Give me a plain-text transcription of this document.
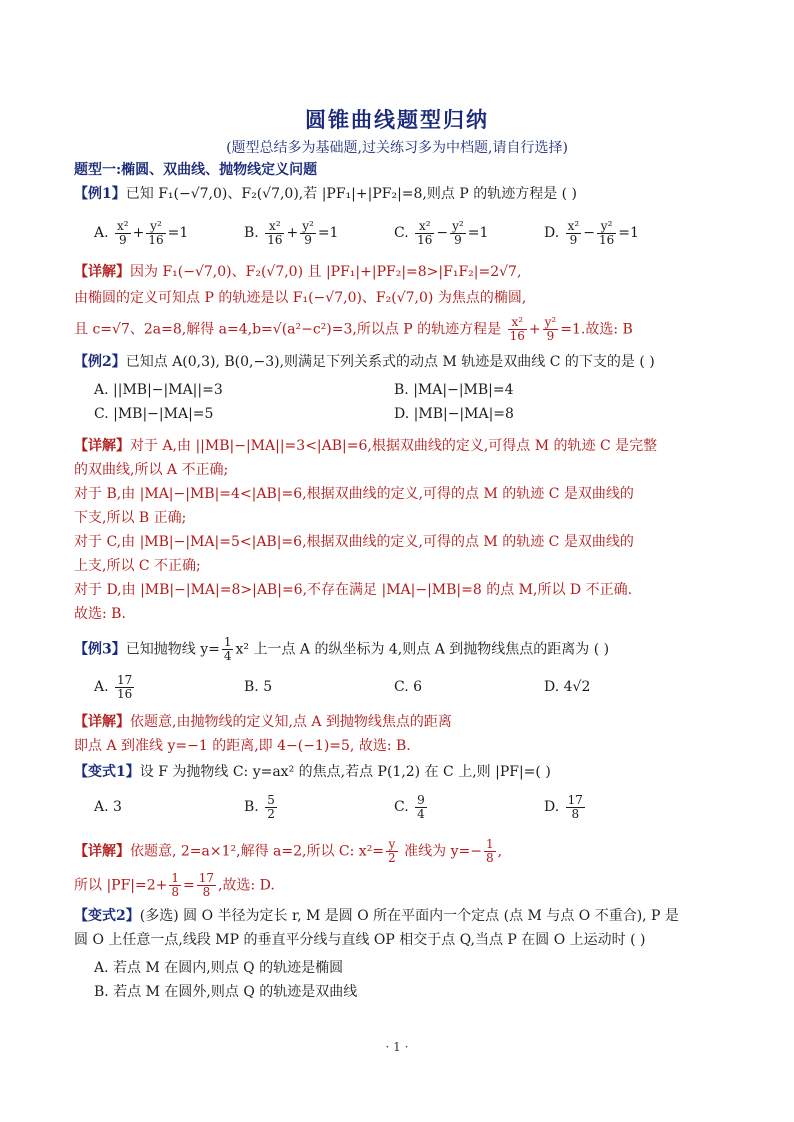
圆锥曲线题型归纳
(题型总结多为基础题,过关练习多为中档题,请自行选择)
题型一:椭圆、双曲线、抛物线定义问题
【例1】已知 F₁(−√7,0)、F₂(√7,0),若 |PF₁|+|PF₂|=8,则点 P 的轨迹方程是 ( )
A. $\frac{\text{x²}}{9} + \frac{\text{y²}}{16} =1$	B. $\frac{\text{x²}}{16} + \frac{\text{y²}}{9} =1$	C. $\frac{\text{x²}}{16} - \frac{\text{y²}}{9} =1$	D. $\frac{\text{x²}}{9} - \frac{\text{y²}}{16} =1$
【详解】因为 F₁(−√7,0)、F₂(√7,0) 且 |PF₁|+|PF₂|=8>|F₁F₂|=2√7,
由椭圆的定义可知点 P 的轨迹是以 F₁(−√7,0)、F₂(√7,0) 为焦点的椭圆,
且 c=√7、2a=8,解得 a=4,b=√(a²−c²)=3,所以点 P 的轨迹方程是 $\frac{\text{x²}}{16} + \frac{\text{y²}}{9} =1$.故选: B
【例2】已知点 A(0,3), B(0,−3),则满足下列关系式的动点 M 轨迹是双曲线 C 的下支的是 ( )
A. ||MB|−|MA||=3	B. |MA|−|MB|=4
C. |MB|−|MA|=5	D. |MB|−|MA|=8
【详解】对于 A,由 ||MB|−|MA||=3<|AB|=6,根据双曲线的定义,可得点 M 的轨迹 C 是完整
的双曲线,所以 A 不正确;
对于 B,由 |MA|−|MB|=4<|AB|=6,根据双曲线的定义,可得的点 M 的轨迹 C 是双曲线的
下支,所以 B 正确;
对于 C,由 |MB|−|MA|=5<|AB|=6,根据双曲线的定义,可得的点 M 的轨迹 C 是双曲线的
上支,所以 C 不正确;
对于 D,由 |MB|−|MA|=8>|AB|=6,不存在满足 |MA|−|MB|=8 的点 M,所以 D 不正确.
故选: B.
【例3】已知抛物线 $y= \frac{1}{4} x^2$ 上一点 A 的纵坐标为 4,则点 A 到抛物线焦点的距离为 ( )
A. $\frac{17}{16}$	B. 5	C. 6	D. 4√2
【详解】依题意,由抛物线的定义知,点 A 到抛物线焦点的距离
即点 A 到准线 y=−1 的距离,即 4−(−1)=5, 故选: B.
【变式1】设 F 为抛物线 C: y=ax² 的焦点,若点 P(1,2) 在 C 上,则 |PF|=( )
A. 3	B. $\frac{5}{2}$	C. $\frac{9}{4}$	D. $\frac{17}{8}$
【详解】依题意, 2=a×1²,解得 a=2,所以 C: $x^2= \frac{y}{2}$ 准线为 $y=- \frac{1}{8}$ ,
所以 $|PF|=2+ \frac{1}{8} = \frac{17}{8}$ ,故选: D.
【变式2】(多选) 圆 O 半径为定长 r, M 是圆 O 所在平面内一个定点 (点 M 与点 O 不重合), P 是
圆 O 上任意一点,线段 MP 的垂直平分线与直线 OP 相交于点 Q,当点 P 在圆 O 上运动时 ( )
A. 若点 M 在圆内,则点 Q 的轨迹是椭圆
B. 若点 M 在圆外,则点 Q 的轨迹是双曲线
· 1 ·
